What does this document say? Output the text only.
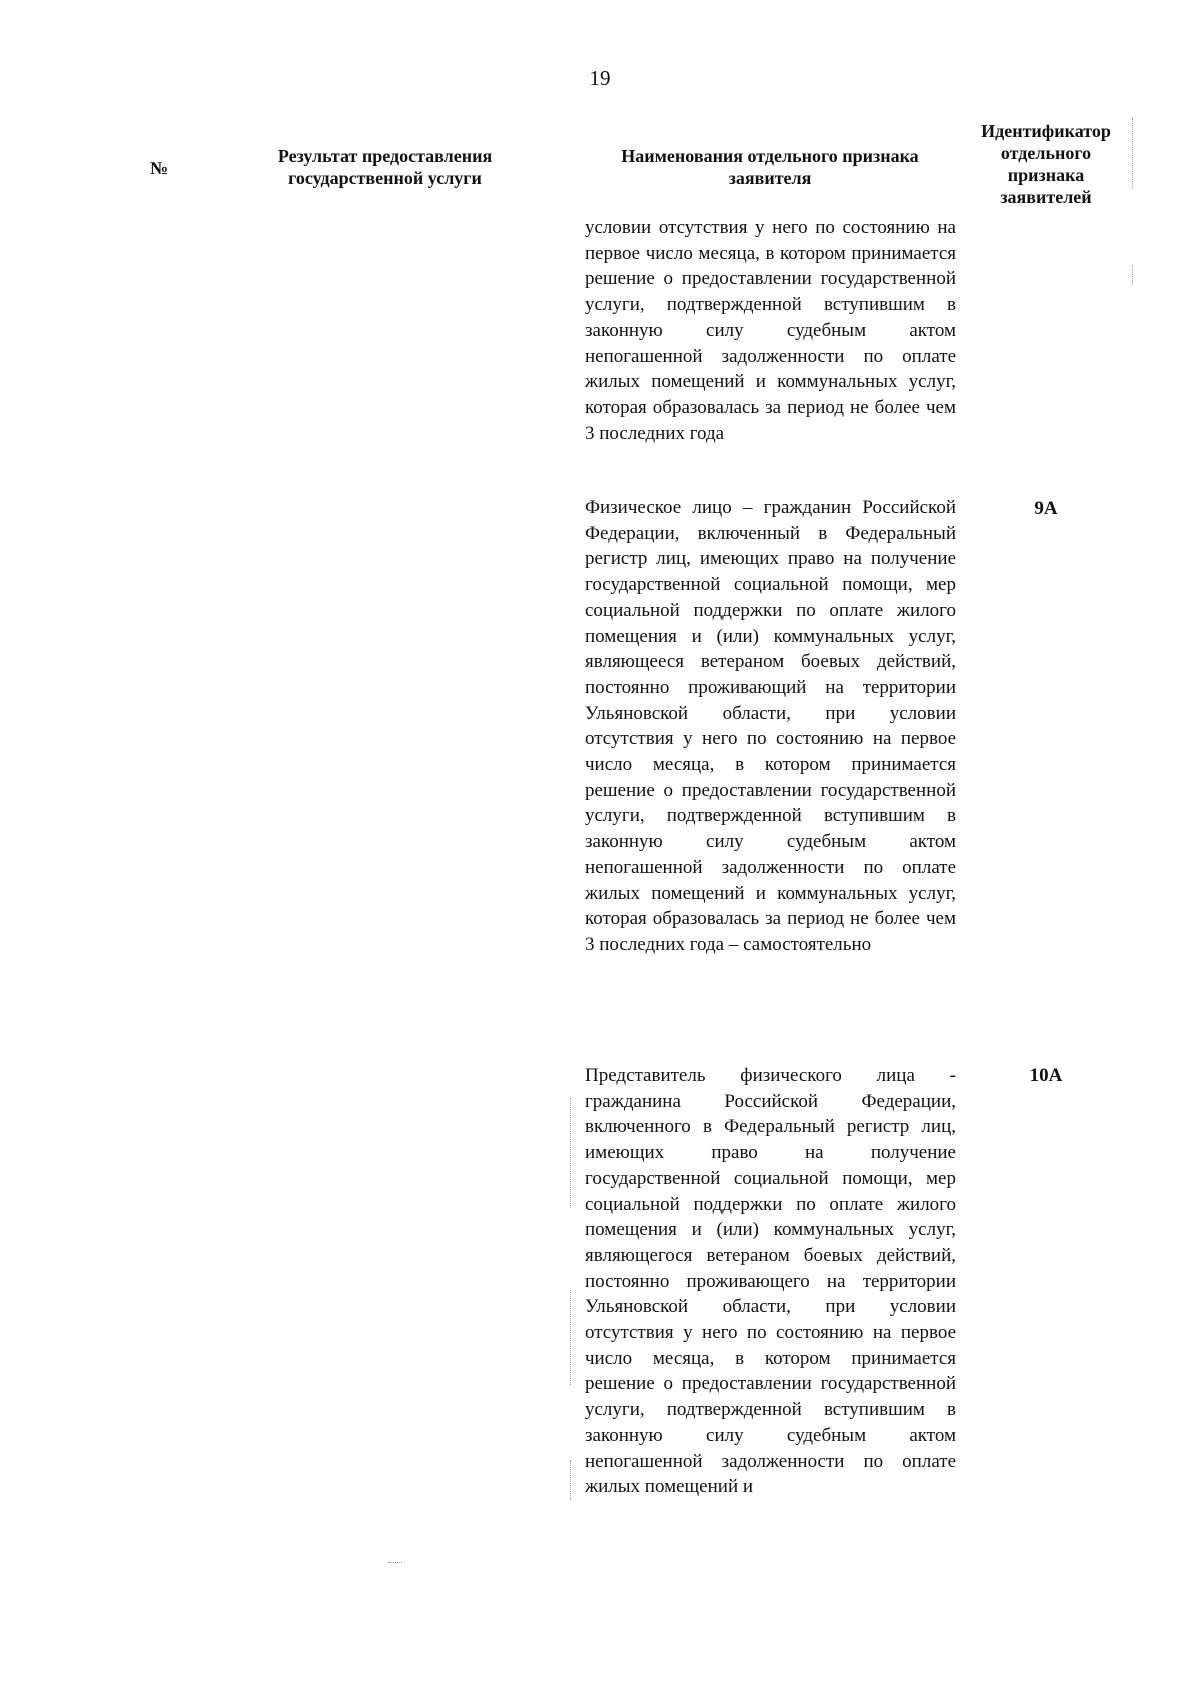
19
№
Результат предоставления государственной услуги
Наименования отдельного признака заявителя
Идентификатор отдельного признака заявителей
условии отсутствия у него по состоянию на первое число месяца, в котором принимается решение о предоставлении государственной услуги, подтвержденной вступившим в законную силу судебным актом непогашенной задолженности по оплате жилых помещений и коммунальных услуг, которая образовалась за период не более чем 3 последних года
Физическое лицо – гражданин Российской Федерации, включенный в Федеральный регистр лиц, имеющих право на получение государственной социальной помощи, мер социальной поддержки по оплате жилого помещения и (или) коммунальных услуг, являющееся ветераном боевых действий, постоянно проживающий на территории Ульяновской области, при условии отсутствия у него по состоянию на первое число месяца, в котором принимается решение о предоставлении государственной услуги, подтвержденной вступившим в законную силу судебным актом непогашенной задолженности по оплате жилых помещений и коммунальных услуг, которая образовалась за период не более чем 3 последних года – самостоятельно
9А
Представитель физического лица - гражданина Российской Федерации, включенного в Федеральный регистр лиц, имеющих право на получение государственной социальной помощи, мер социальной поддержки по оплате жилого помещения и (или) коммунальных услуг, являющегося ветераном боевых действий, постоянно проживающего на территории Ульяновской области, при условии отсутствия у него по состоянию на первое число месяца, в котором принимается решение о предоставлении государственной услуги, подтвержденной вступившим в законную силу судебным актом непогашенной задолженности по оплате жилых помещений и
10А
